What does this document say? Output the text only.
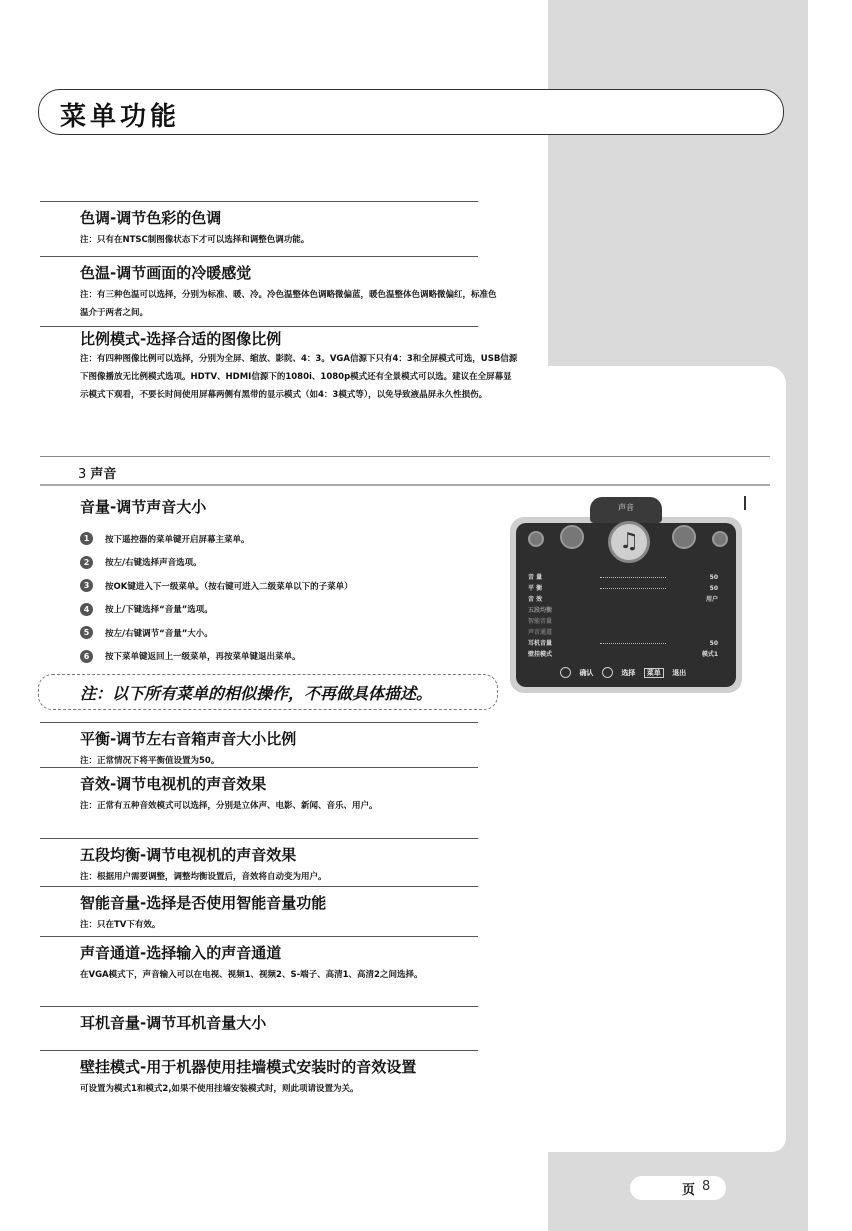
菜单功能
色调-调节色彩的色调

注：只有在NTSC制图像状态下才可以选择和调整色调功能。

色温-调节画面的冷暖感觉

注：有三种色温可以选择，分别为标准、暖、冷。冷色温整体色调略微偏蓝，暖色温整体色调略微偏红，标准色温介于两者之间。

比例模式-选择合适的图像比例

注：有四种图像比例可以选择，分别为全屏、缩放、影院、4：3。VGA信源下只有4：3和全屏模式可选，USB信源下图像播放无比例模式选项。HDTV、HDMI信源下的1080i、1080p模式还有全景模式可以选。建议在全屏幕显示模式下观看，不要长时间使用屏幕两侧有黑带的显示模式（如4：3模式等），以免导致液晶屏永久性损伤。

3 声音
音量-调节声音大小
1	按下遥控器的菜单键开启屏幕主菜单。
2	按左/右键选择声音选项。
3	按OK键进入下一级菜单。（按右键可进入二级菜单以下的子菜单）
4	按上/下键选择“音量”选项。
5	按左/右键调节“音量”大小。
6	按下菜单键返回上一级菜单，再按菜单键退出菜单。
注：以下所有菜单的相似操作，不再做具体描述。
声音
♫
音 量	50
平 衡	50
音 效	用户
五段均衡
智能音量
声音通道
耳机音量	50
壁挂模式	模式1
确认	选择 菜单 退出
平衡-调节左右音箱声音大小比例

注：正常情况下将平衡值设置为50。

音效-调节电视机的声音效果

注：正常有五种音效模式可以选择，分别是立体声、电影、新闻、音乐、用户。

五段均衡-调节电视机的声音效果

注：根据用户需要调整，调整均衡设置后，音效将自动变为用户。

智能音量-选择是否使用智能音量功能

注：只在TV下有效。

声音通道-选择输入的声音通道

在VGA模式下，声音输入可以在电视、视频1、视频2、S-端子、高清1、高清2之间选择。

耳机音量-调节耳机音量大小
壁挂模式-用于机器使用挂墙模式安装时的音效设置

可设置为模式1和模式2,如果不使用挂墙安装模式时，则此项请设置为关。

页 8
